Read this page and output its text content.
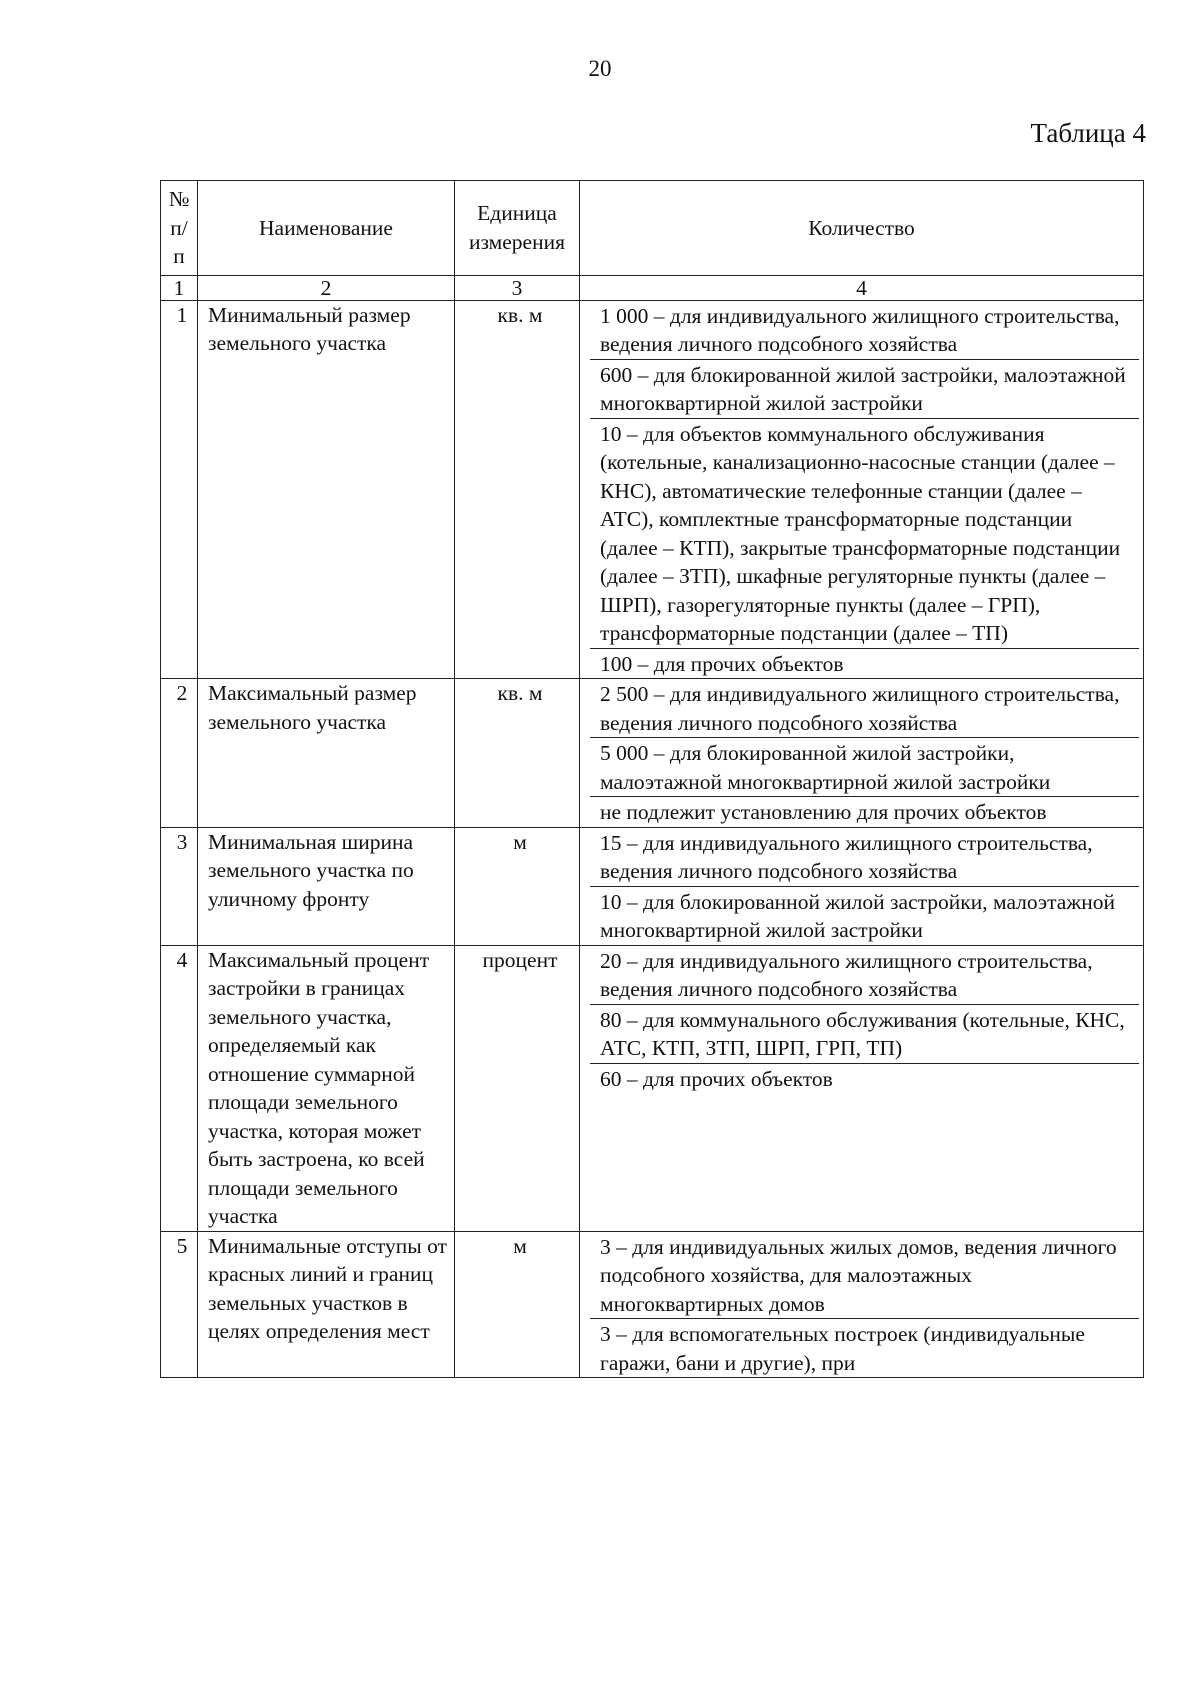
20
Таблица 4
№ п/п	Наименование	Единица измерения	Количество
1	2	3	4
1	Минимальный размер земельного участка	кв. м	1 000 – для индивидуального жилищного строительства, ведения личного подсобного хозяйства
600 – для блокированной жилой застройки, малоэтажной многоквартирной жилой застройки
10 – для объектов коммунального обслуживания (котельные, канализационно-насосные станции (далее – КНС), автоматические телефонные станции (далее – АТС), комплектные трансформаторные подстанции (далее – КТП), закрытые трансформаторные подстанции (далее – ЗТП), шкафные регуляторные пункты (далее – ШРП), газорегуляторные пункты (далее – ГРП), трансформаторные подстанции (далее – ТП)
100 – для прочих объектов

2	Максимальный размер земельного участка	кв. м	2 500 – для индивидуального жилищного строительства, ведения личного подсобного хозяйства
5 000 – для блокированной жилой застройки, малоэтажной многоквартирной жилой застройки
не подлежит установлению для прочих объектов

3	Минимальная ширина земельного участка по уличному фронту	м	15 – для индивидуального жилищного строительства, ведения личного подсобного хозяйства
10 – для блокированной жилой застройки, малоэтажной многоквартирной жилой застройки

4	Максимальный процент застройки в границах земельного участка, определяемый как отношение суммарной площади земельного участка, которая может быть застроена, ко всей площади земельного участка	процент	20 – для индивидуального жилищного строительства, ведения личного подсобного хозяйства
80 – для коммунального обслуживания (котельные, КНС, АТС, КТП, ЗТП, ШРП, ГРП, ТП)
60 – для прочих объектов

5	Минимальные отступы от красных линий и границ земельных участков в целях определения мест	м	3 – для индивидуальных жилых домов, ведения личного подсобного хозяйства, для малоэтажных многоквартирных домов
3 – для вспомогательных построек (индивидуальные гаражи, бани и другие), при
